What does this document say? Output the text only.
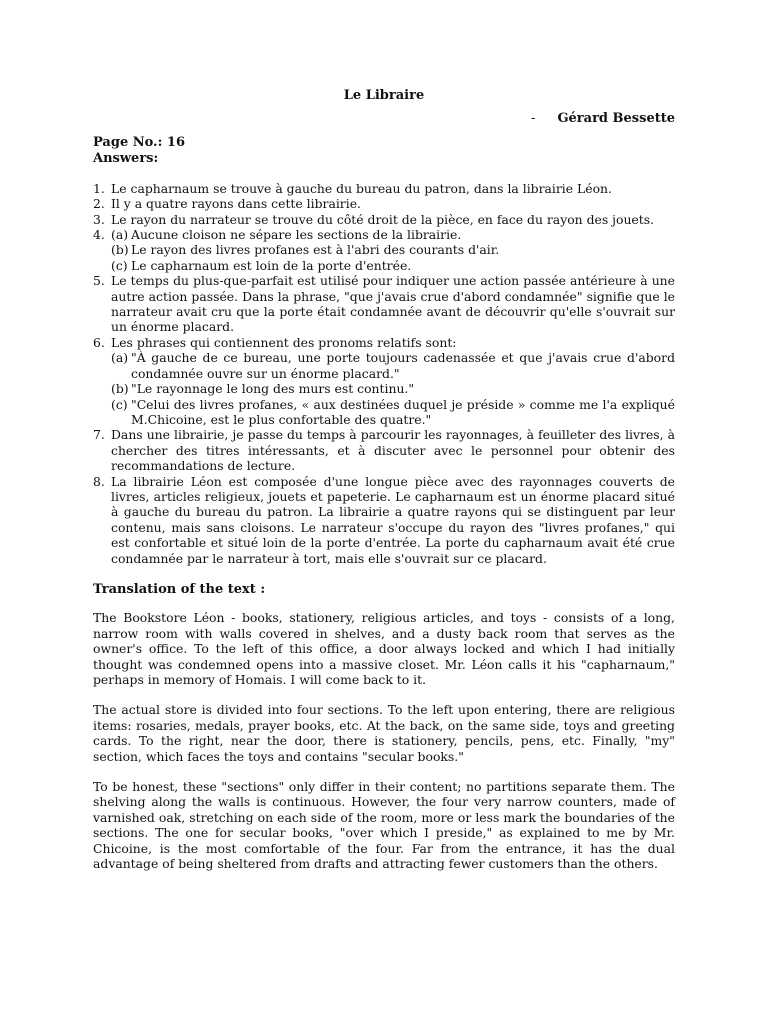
Le Libraire
- Gérard Bessette
Page No.: 16
Answers:
1. Le capharnaum se trouve à gauche du bureau du patron, dans la librairie Léon.
2. Il y a quatre rayons dans cette librairie.
3. Le rayon du narrateur se trouve du côté droit de la pièce, en face du rayon des jouets.
4. (a) Aucune cloison ne sépare les sections de la librairie.
(b) Le rayon des livres profanes est à l'abri des courants d'air.
(c) Le capharnaum est loin de la porte d'entrée.
5. Le temps du plus-que-parfait est utilisé pour indiquer une action passée antérieure à une autre action passée. Dans la phrase, "que j'avais crue d'abord condamnée" signifie que le narrateur avait cru que la porte était condamnée avant de découvrir qu'elle s'ouvrait sur un énorme placard.
6. Les phrases qui contiennent des pronoms relatifs sont:
(a) "À gauche de ce bureau, une porte toujours cadenassée et que j'avais crue d'abord condamnée ouvre sur un énorme placard."
(b) "Le rayonnage le long des murs est continu."
(c) "Celui des livres profanes, « aux destinées duquel je préside » comme me l'a expliqué M.Chicoine, est le plus confortable des quatre."
7. Dans une librairie, je passe du temps à parcourir les rayonnages, à feuilleter des livres, à chercher des titres intéressants, et à discuter avec le personnel pour obtenir des recommandations de lecture.
8. La librairie Léon est composée d'une longue pièce avec des rayonnages couverts de livres, articles religieux, jouets et papeterie. Le capharnaum est un énorme placard situé à gauche du bureau du patron. La librairie a quatre rayons qui se distinguent par leur contenu, mais sans cloisons. Le narrateur s'occupe du rayon des "livres profanes," qui est confortable et situé loin de la porte d'entrée. La porte du capharnaum avait été crue condamnée par le narrateur à tort, mais elle s'ouvrait sur ce placard.
Translation of the text :

The Bookstore Léon - books, stationery, religious articles, and toys - consists of a long, narrow room with walls covered in shelves, and a dusty back room that serves as the owner's office. To the left of this office, a door always locked and which I had initially thought was condemned opens into a massive closet. Mr. Léon calls it his "capharnaum," perhaps in memory of Homais. I will come back to it.

The actual store is divided into four sections. To the left upon entering, there are religious items: rosaries, medals, prayer books, etc. At the back, on the same side, toys and greeting cards. To the right, near the door, there is stationery, pencils, pens, etc. Finally, "my" section, which faces the toys and contains "secular books."

To be honest, these "sections" only differ in their content; no partitions separate them. The shelving along the walls is continuous. However, the four very narrow counters, made of varnished oak, stretching on each side of the room, more or less mark the boundaries of the sections. The one for secular books, "over which I preside," as explained to me by Mr. Chicoine, is the most comfortable of the four. Far from the entrance, it has the dual advantage of being sheltered from drafts and attracting fewer customers than the others.
